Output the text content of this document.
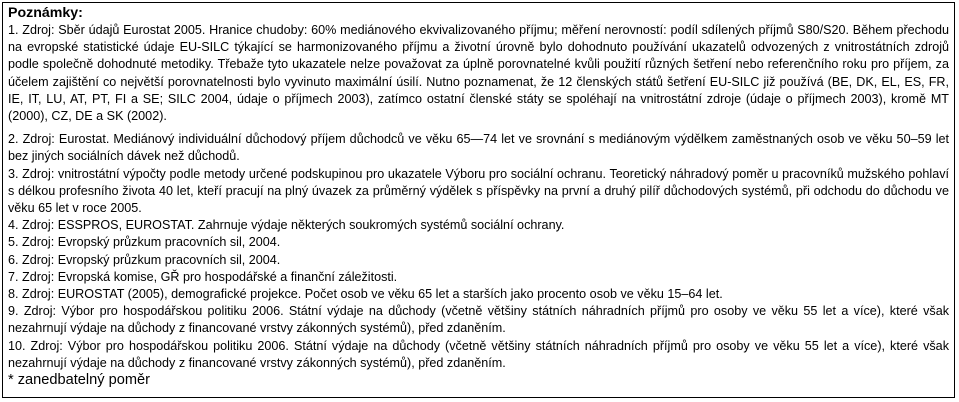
Poznámky:

1. Zdroj: Sběr údajů Eurostat 2005. Hranice chudoby: 60% mediánového ekvivalizovaného příjmu; měření nerovností: podíl sdílených příjmů S80/S20. Během přechodu na evropské statistické údaje EU-SILC týkající se harmonizovaného příjmu a životní úrovně bylo dohodnuto používání ukazatelů odvozených z vnitrostátních zdrojů podle společně dohodnuté metodiky. Třebaže tyto ukazatele nelze považovat za úplně porovnatelné kvůli použití různých šetření nebo referenčního roku pro příjem, za účelem zajištění co největší porovnatelnosti bylo vyvinuto maximální úsilí. Nutno poznamenat, že 12 členských států šetření EU-SILC již používá (BE, DK, EL, ES, FR, IE, IT, LU, AT, PT, FI a SE; SILC 2004, údaje o příjmech 2003), zatímco ostatní členské státy se spoléhají na vnitrostátní zdroje (údaje o příjmech 2003), kromě MT (2000), CZ, DE a SK (2002).

2. Zdroj: Eurostat. Mediánový individuální důchodový příjem důchodců ve věku 65―74 let ve srovnání s mediánovým výdělkem zaměstnaných osob ve věku 50–59 let bez jiných sociálních dávek než důchodů.

3. Zdroj: vnitrostátní výpočty podle metody určené podskupinou pro ukazatele Výboru pro sociální ochranu. Teoretický náhradový poměr u pracovníků mužského pohlaví s délkou profesního života 40 let, kteří pracují na plný úvazek za průměrný výdělek s příspěvky na první a druhý pilíř důchodových systémů, při odchodu do důchodu ve věku 65 let v roce 2005.

4. Zdroj: ESSPROS, EUROSTAT. Zahrnuje výdaje některých soukromých systémů sociální ochrany.

5. Zdroj: Evropský průzkum pracovních sil, 2004.

6. Zdroj: Evropský průzkum pracovních sil, 2004.

7. Zdroj: Evropská komise, GŘ pro hospodářské a finanční záležitosti.

8. Zdroj: EUROSTAT (2005), demografické projekce. Počet osob ve věku 65 let a starších jako procento osob ve věku 15–64 let.

9. Zdroj: Výbor pro hospodářskou politiku 2006. Státní výdaje na důchody (včetně většiny státních náhradních příjmů pro osoby ve věku 55 let a více), které však nezahrnují výdaje na důchody z financované vrstvy zákonných systémů), před zdaněním.

10. Zdroj: Výbor pro hospodářskou politiku 2006. Státní výdaje na důchody (včetně většiny státních náhradních příjmů pro osoby ve věku 55 let a více), které však nezahrnují výdaje na důchody z financované vrstvy zákonných systémů), před zdaněním.

* zanedbatelný poměr
